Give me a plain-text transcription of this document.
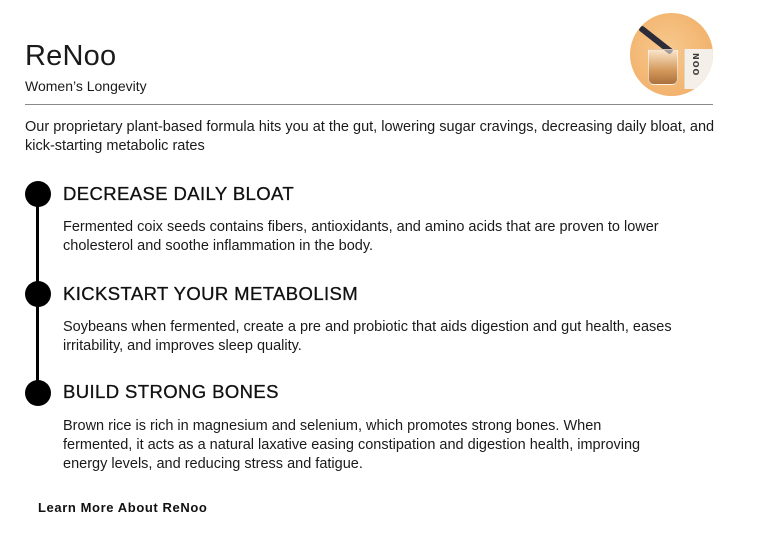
ReNoo
Women’s Longevity
NOO
Our proprietary plant-based formula hits you at the gut, lowering sugar cravings, decreasing daily bloat, and kick-starting metabolic rates
DECREASE DAILY BLOAT
Fermented coix seeds contains fibers, antioxidants, and amino acids that are proven to lower cholesterol and soothe inflammation in the body.
KICKSTART YOUR METABOLISM
Soybeans when fermented, create a pre and probiotic that aids digestion and gut health, eases irritability, and improves sleep quality.
BUILD STRONG BONES
Brown rice is rich in magnesium and selenium, which promotes strong bones. When fermented, it acts as a natural laxative easing constipation and digestion health, improving energy levels, and reducing stress and fatigue.
Learn More About ReNoo
